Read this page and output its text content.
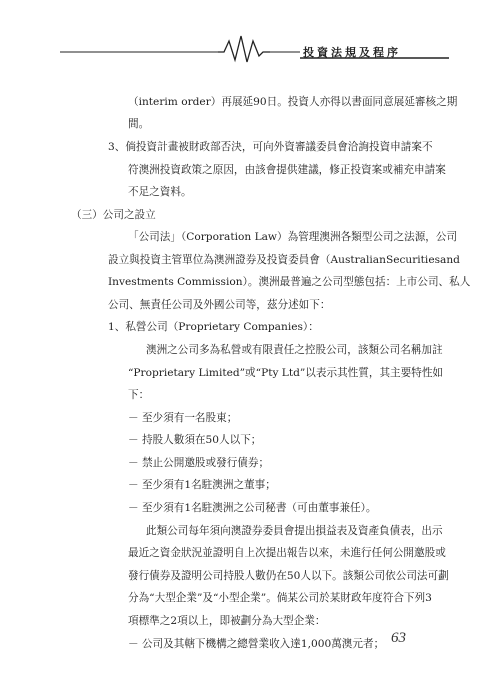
投資法規及程序
（interim order）再展延90日。投資人亦得以書面同意展延審核之期
間。
3、倘投資計畫被財政部否決，可向外資審議委員會洽詢投資申請案不
符澳洲投資政策之原因，由該會提供建議，修正投資案或補充申請案
不足之資料。
（三）公司之設立
「公司法」（Corporation Law）為管理澳洲各類型公司之法源，公司
設立與投資主管單位為澳洲證券及投資委員會（ Australian Securities and
Investments Commission）。澳洲最普遍之公司型態包括：上市公司、私人
公司、無責任公司及外國公司等，茲分述如下：
1、私營公司（Proprietary Companies）：
澳洲之公司多為私營或有限責任之控股公司，該類公司名稱加註
“Proprietary Limited”或“Pty Ltd”以表示其性質，其主要特性如
下：
－ 至少須有一名股東；
－ 持股人數須在50人以下；
－ 禁止公開邀股或發行債券；
－ 至少須有1名駐澳洲之董事；
－ 至少須有1名駐澳洲之公司秘書（可由董事兼任）。
此類公司每年須向澳證券委員會提出損益表及資產負債表，出示
最近之資金狀況並證明自上次提出報告以來，未進行任何公開邀股或
發行債券及證明公司持股人數仍在50人以下。該類公司依公司法可劃
分為“大型企業”及“小型企業”。倘某公司於某財政年度符合下列3
項標準之2項以上，即被劃分為大型企業：
－ 公司及其轄下機構之總營業收入達1,000萬澳元者； 63
